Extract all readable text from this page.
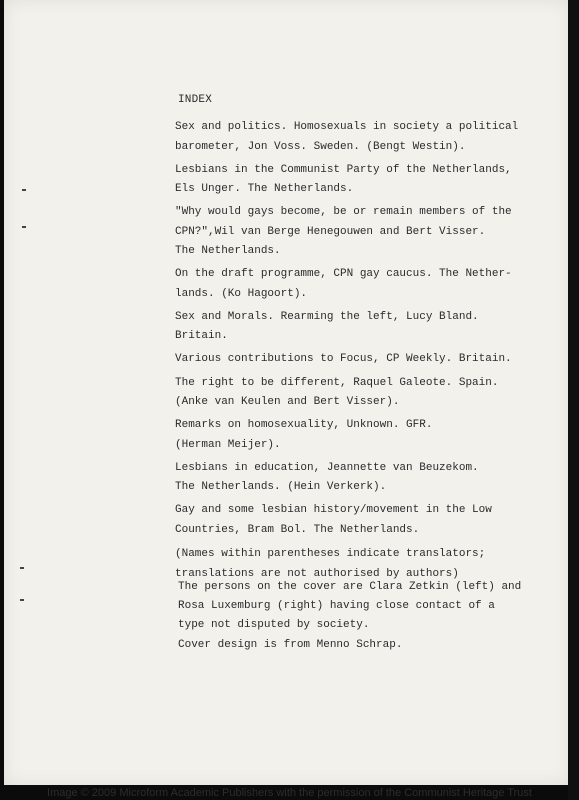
INDEX
Sex and politics. Homosexuals in society a political
barometer, Jon Voss. Sweden. (Bengt Westin).
Lesbians in the Communist Party of the Netherlands,
Els Unger. The Netherlands.
"Why would gays become, be or remain members of the
CPN?",Wil van Berge Henegouwen and Bert Visser.
The Netherlands.
On the draft programme, CPN gay caucus. The Nether-
lands. (Ko Hagoort).
Sex and Morals. Rearming the left, Lucy Bland.
Britain.
Various contributions to Focus, CP Weekly. Britain.
The right to be different, Raquel Galeote. Spain.
(Anke van Keulen and Bert Visser).
Remarks on homosexuality, Unknown. GFR.
(Herman Meijer).
Lesbians in education, Jeannette van Beuzekom.
The Netherlands. (Hein Verkerk).
Gay and some lesbian history/movement in the Low
Countries, Bram Bol. The Netherlands.
(Names within parentheses indicate translators;
translations are not authorised by authors)
The persons on the cover are Clara Zetkin (left) and
Rosa Luxemburg (right) having close contact of a
type not disputed by society.
Cover design is from Menno Schrap.
Image © 2009 Microform Academic Publishers with the permission of the Communist Heritage Trust
